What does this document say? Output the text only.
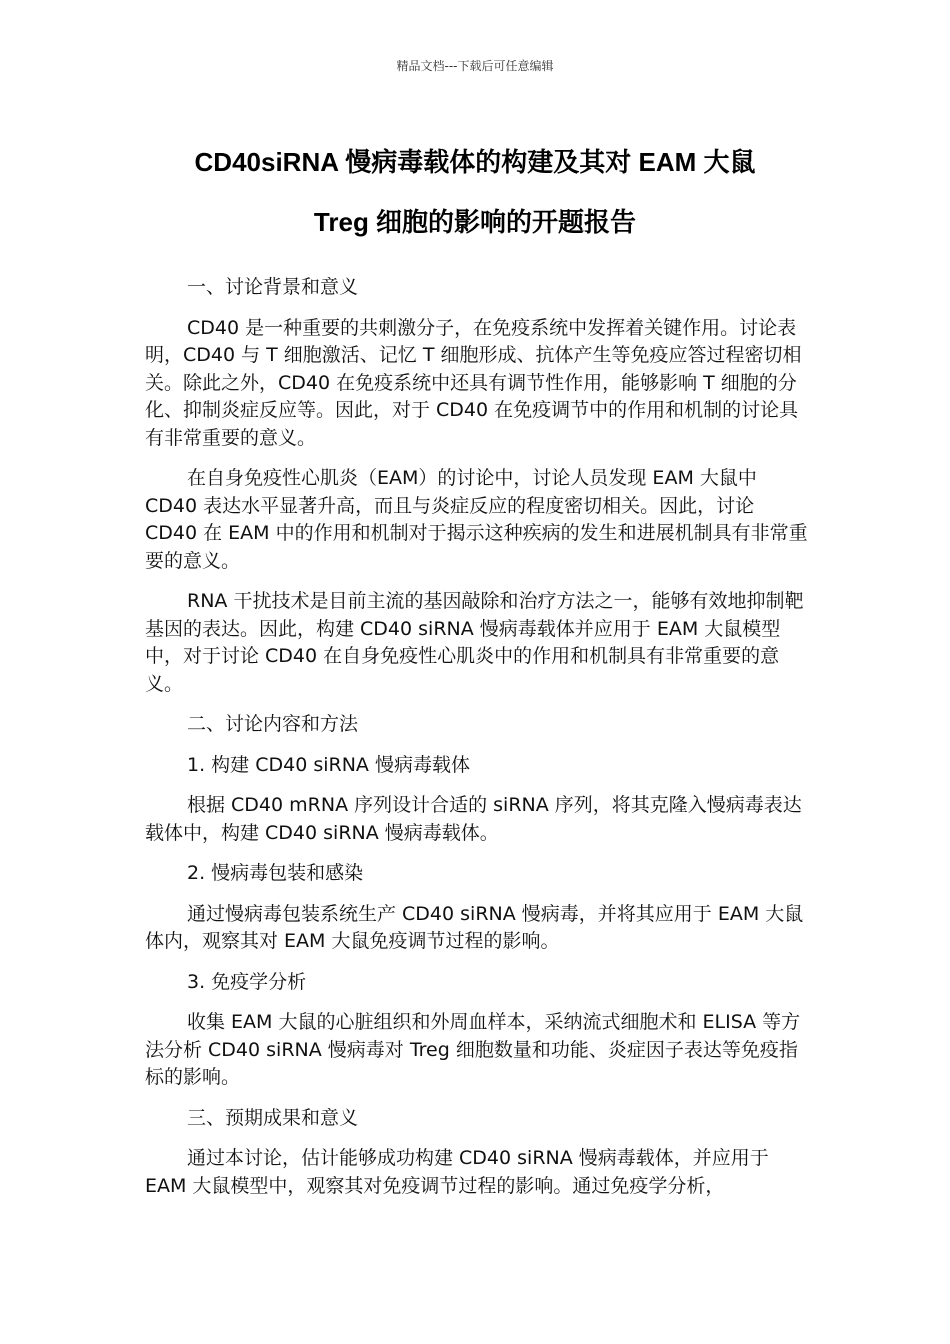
精品文档---下载后可任意编辑
CD40siRNA 慢病毒载体的构建及其对 EAM 大鼠
Treg 细胞的影响的开题报告

一、讨论背景和意义

CD40 是一种重要的共刺激分子，在免疫系统中发挥着关键作用。讨论表明，CD40 与 T 细胞激活、记忆 T 细胞形成、抗体产生等免疫应答过程密切相关。除此之外，CD40 在免疫系统中还具有调节性作用，能够影响 T 细胞的分化、抑制炎症反应等。因此，对于 CD40 在免疫调节中的作用和机制的讨论具有非常重要的意义。

在自身免疫性心肌炎（EAM）的讨论中，讨论人员发现 EAM 大鼠中 CD40 表达水平显著升高，而且与炎症反应的程度密切相关。因此，讨论 CD40 在 EAM 中的作用和机制对于揭示这种疾病的发生和进展机制具有非常重要的意义。

RNA 干扰技术是目前主流的基因敲除和治疗方法之一，能够有效地抑制靶基因的表达。因此，构建 CD40 siRNA 慢病毒载体并应用于 EAM 大鼠模型中，对于讨论 CD40 在自身免疫性心肌炎中的作用和机制具有非常重要的意义。

二、讨论内容和方法

1. 构建 CD40 siRNA 慢病毒载体

根据 CD40 mRNA 序列设计合适的 siRNA 序列，将其克隆入慢病毒表达载体中，构建 CD40 siRNA 慢病毒载体。

2. 慢病毒包装和感染

通过慢病毒包装系统生产 CD40 siRNA 慢病毒，并将其应用于 EAM 大鼠体内，观察其对 EAM 大鼠免疫调节过程的影响。

3. 免疫学分析

收集 EAM 大鼠的心脏组织和外周血样本，采纳流式细胞术和 ELISA 等方法分析 CD40 siRNA 慢病毒对 Treg 细胞数量和功能、炎症因子表达等免疫指标的影响。

三、预期成果和意义

通过本讨论，估计能够成功构建 CD40 siRNA 慢病毒载体，并应用于 EAM 大鼠模型中，观察其对免疫调节过程的影响。通过免疫学分析，
